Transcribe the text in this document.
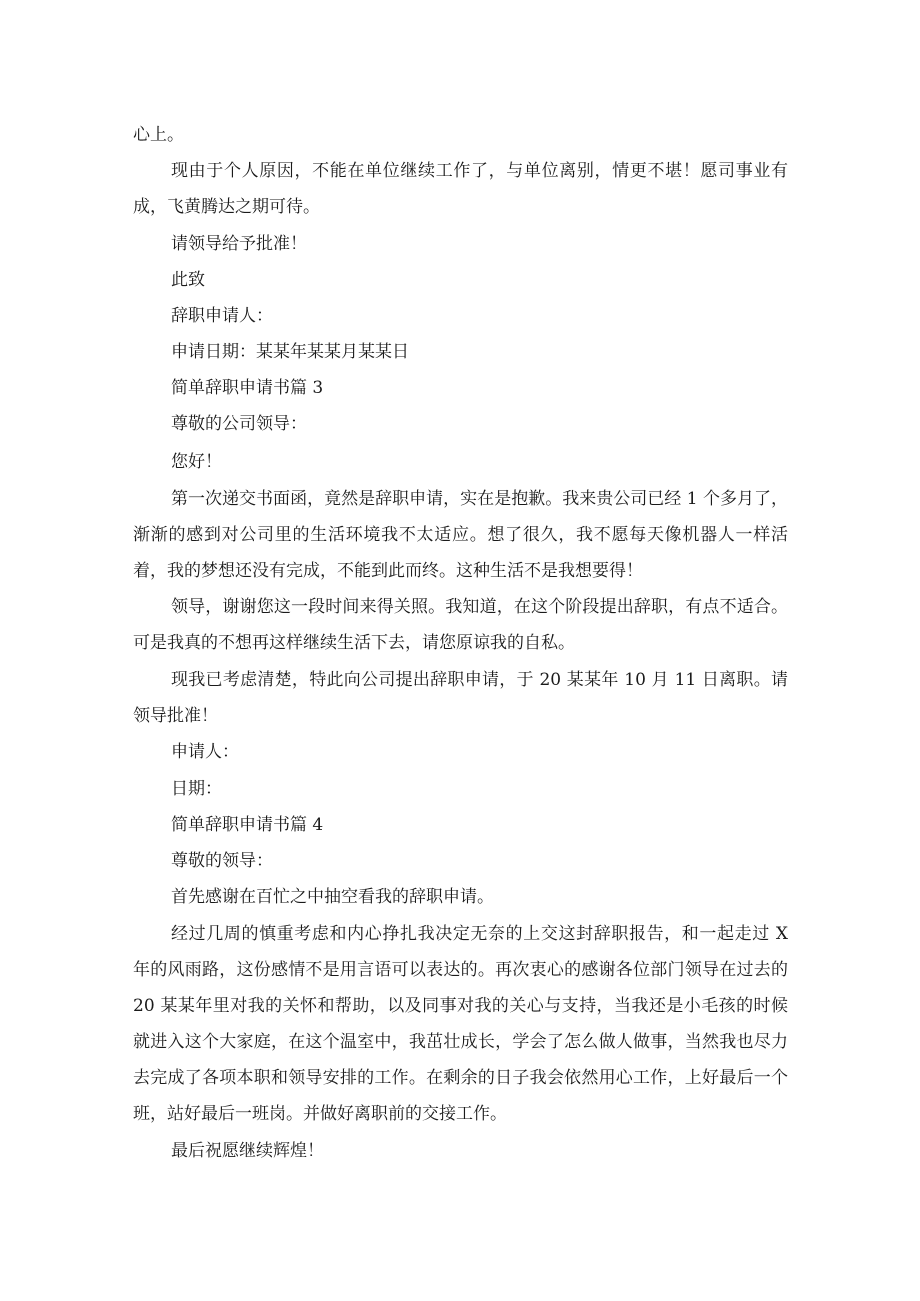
心上。

现由于个人原因，不能在单位继续工作了，与单位离别，情更不堪！愿司事业有成，飞黄腾达之期可待。

请领导给予批准！

此致

辞职申请人：

申请日期：某某年某某月某某日

简单辞职申请书篇 3

尊敬的公司领导：

您好！

第一次递交书面函，竟然是辞职申请，实在是抱歉。我来贵公司已经 1 个多月了，渐渐的感到对公司里的生活环境我不太适应。想了很久，我不愿每天像机器人一样活着，我的梦想还没有完成，不能到此而终。这种生活不是我想要得！

领导，谢谢您这一段时间来得关照。我知道，在这个阶段提出辞职，有点不适合。可是我真的不想再这样继续生活下去，请您原谅我的自私。

现我已考虑清楚，特此向公司提出辞职申请，于 20 某某年 10 月 11 日离职。请领导批准！

申请人：

日期：

简单辞职申请书篇 4

尊敬的领导：

首先感谢在百忙之中抽空看我的辞职申请。

经过几周的慎重考虑和内心挣扎我决定无奈的上交这封辞职报告，和一起走过 X 年的风雨路，这份感情不是用言语可以表达的。再次衷心的感谢各位部门领导在过去的 20 某某年里对我的关怀和帮助，以及同事对我的关心与支持，当我还是小毛孩的时候就进入这个大家庭，在这个温室中，我茁壮成长，学会了怎么做人做事，当然我也尽力去完成了各项本职和领导安排的工作。在剩余的日子我会依然用心工作，上好最后一个班，站好最后一班岗。并做好离职前的交接工作。

最后祝愿继续辉煌！
